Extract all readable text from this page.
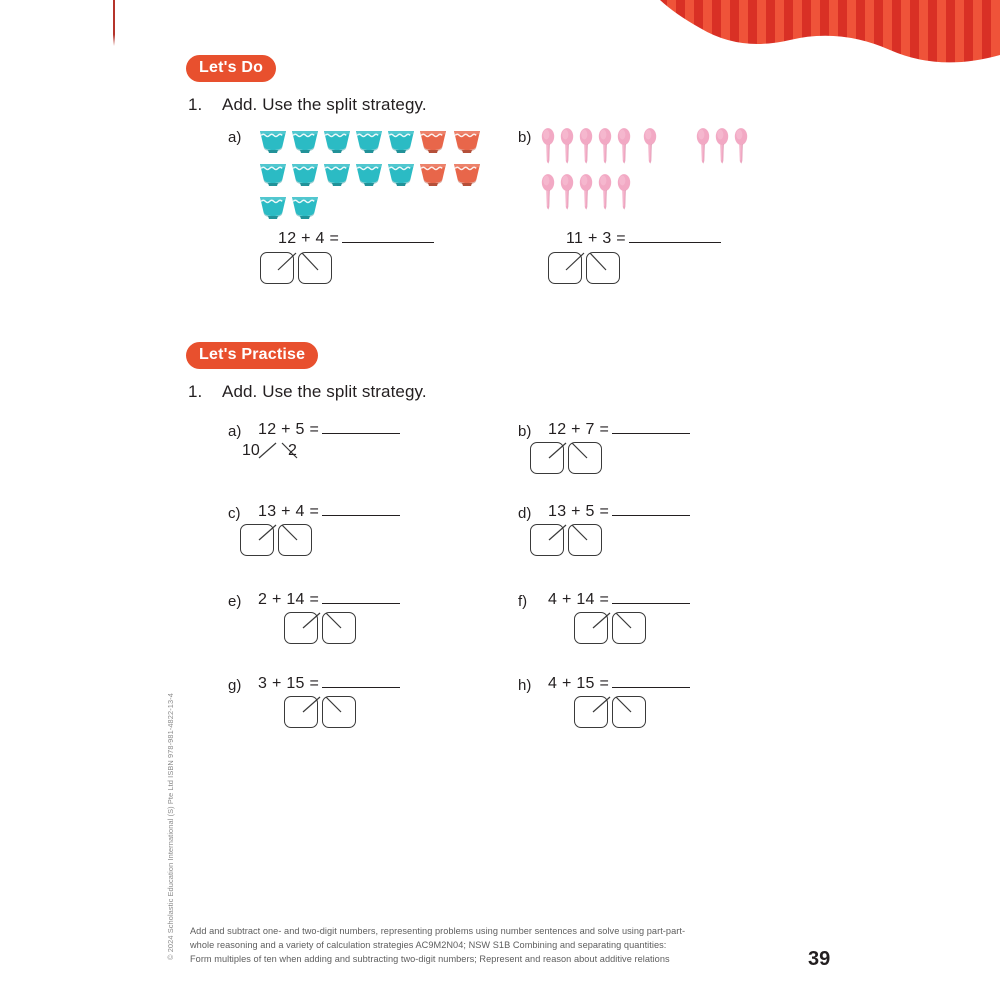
Let's Do
1. Add. Use the split strategy.
a)	b)
12 + 4 =	11 + 3 =
Let's Practise
1. Add. Use the split strategy.
a) 12 + 5 =
10 2
b) 12 + 7 =
c) 13 + 4 =	d) 13 + 5 =
e) 2 + 14 =	f) 4 + 14 =
g) 3 + 15 =	h) 4 + 15 =
Add and subtract one- and two-digit numbers, representing problems using number sentences and solve using part-part-whole reasoning and a variety of calculation strategies AC9M2N04; NSW S1B Combining and separating quantities: Form multiples of ten when adding and subtracting two-digit numbers; Represent and reason about additive relations	39
© 2024 Scholastic Education International (S) Pte Ltd ISBN 978-981-4822-13-4
